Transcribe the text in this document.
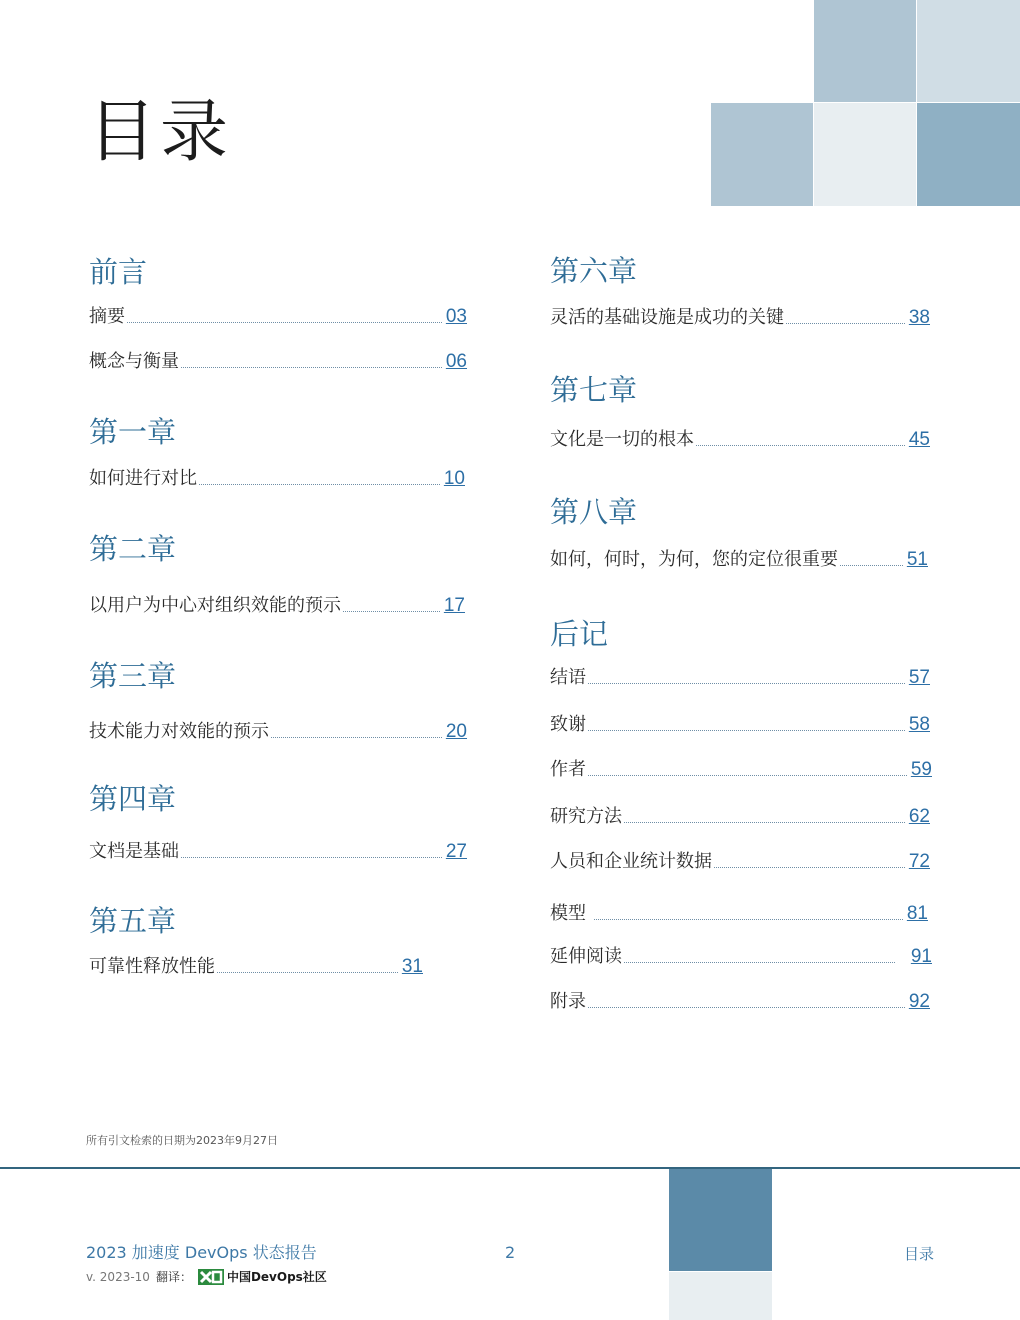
目录
前言
摘要	03
概念与衡量	06
第一章
如何进行对比	10
第二章
以用户为中心对组织效能的预示	17
第三章
技术能力对效能的预示	20
第四章
文档是基础	27
第五章
可靠性释放性能	31
第六章
灵活的基础设施是成功的关键	38
第七章
文化是一切的根本	45
第八章
如何，何时，为何，您的定位很重要	51
后记
结语	57
致谢	58
作者	59
研究方法	62
人员和企业统计数据	72
模型	81
延伸阅读	91
附录	92
所有引文检索的日期为2023年9月27日
2023 加速度 DevOps 状态报告
v. 2023-10 翻译：	中国DevOps社区
2	目录
